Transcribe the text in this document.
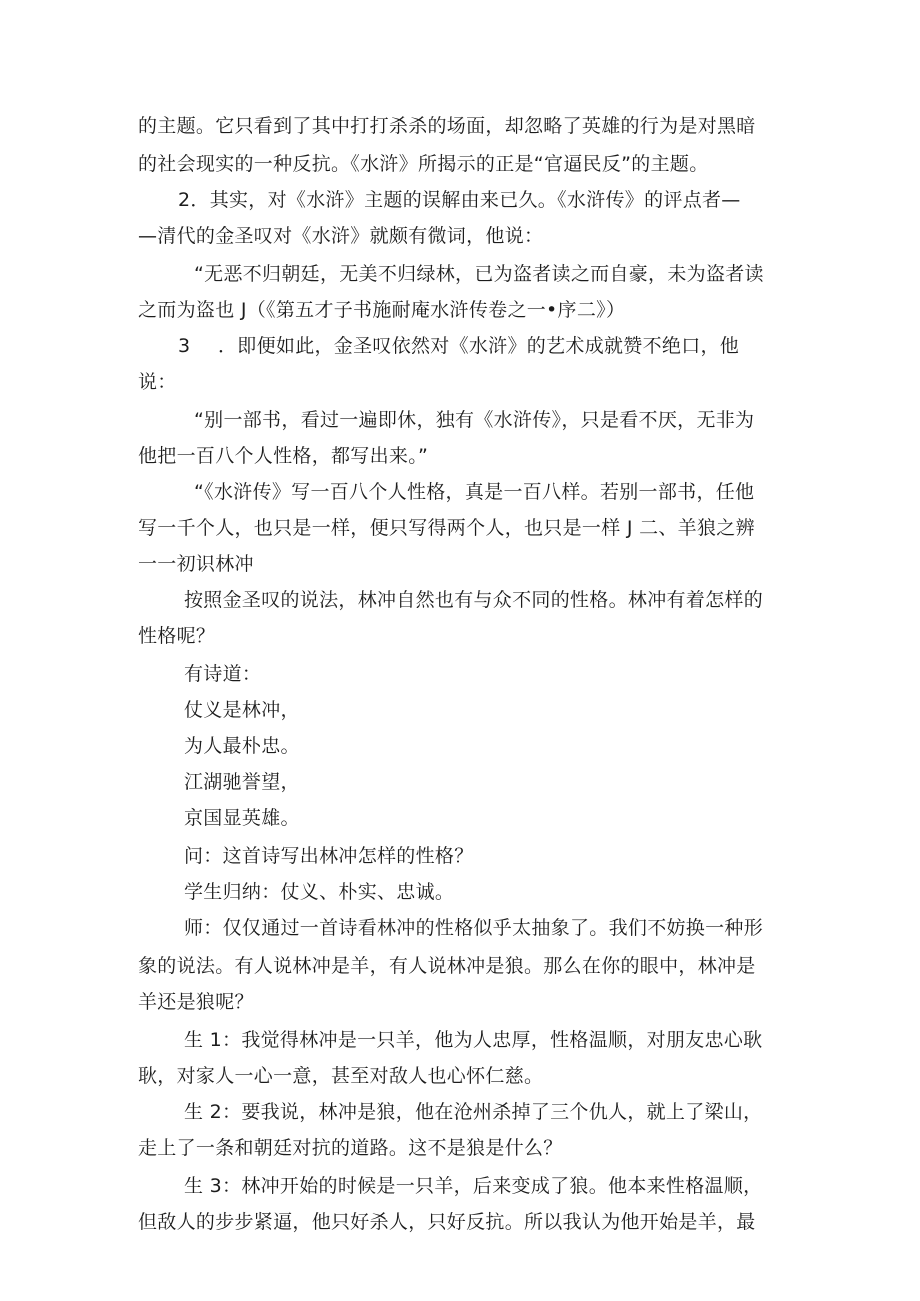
的主题。它只看到了其中打打杀杀的场面，却忽略了英雄的行为是对黑暗
的社会现实的一种反抗。《水浒》所揭示的正是“官逼民反”的主题。
2．其实，对《水浒》主题的误解由来已久。《水浒传》的评点者—
—清代的金圣叹对《水浒》就颇有微词，他说：
“无恶不归朝廷，无美不归绿林，已为盗者读之而自豪，未为盗者读
之而为盗也 J（《第五才子书施耐庵水浒传卷之一•序二》）
3 ．即便如此，金圣叹依然对《水浒》的艺术成就赞不绝口，他
说：
“别一部书，看过一遍即休，独有《水浒传》，只是看不厌，无非为
他把一百八个人性格，都写出来。”
“《水浒传》写一百八个人性格，真是一百八样。若别一部书，任他
写一千个人，也只是一样，便只写得两个人，也只是一样 J 二、羊狼之辨
一一初识林冲
按照金圣叹的说法，林冲自然也有与众不同的性格。林冲有着怎样的
性格呢？
有诗道：
仗义是林冲，
为人最朴忠。
江湖驰誉望，
京国显英雄。
问：这首诗写出林冲怎样的性格？
学生归纳：仗义、朴实、忠诚。
师：仅仅通过一首诗看林冲的性格似乎太抽象了。我们不妨换一种形
象的说法。有人说林冲是羊，有人说林冲是狼。那么在你的眼中，林冲是
羊还是狼呢？
生 1：我觉得林冲是一只羊，他为人忠厚，性格温顺，对朋友忠心耿
耿，对家人一心一意，甚至对敌人也心怀仁慈。
生 2：要我说，林冲是狼，他在沧州杀掉了三个仇人，就上了梁山，
走上了一条和朝廷对抗的道路。这不是狼是什么？
生 3：林冲开始的时候是一只羊，后来变成了狼。他本来性格温顺，
但敌人的步步紧逼，他只好杀人，只好反抗。所以我认为他开始是羊，最
